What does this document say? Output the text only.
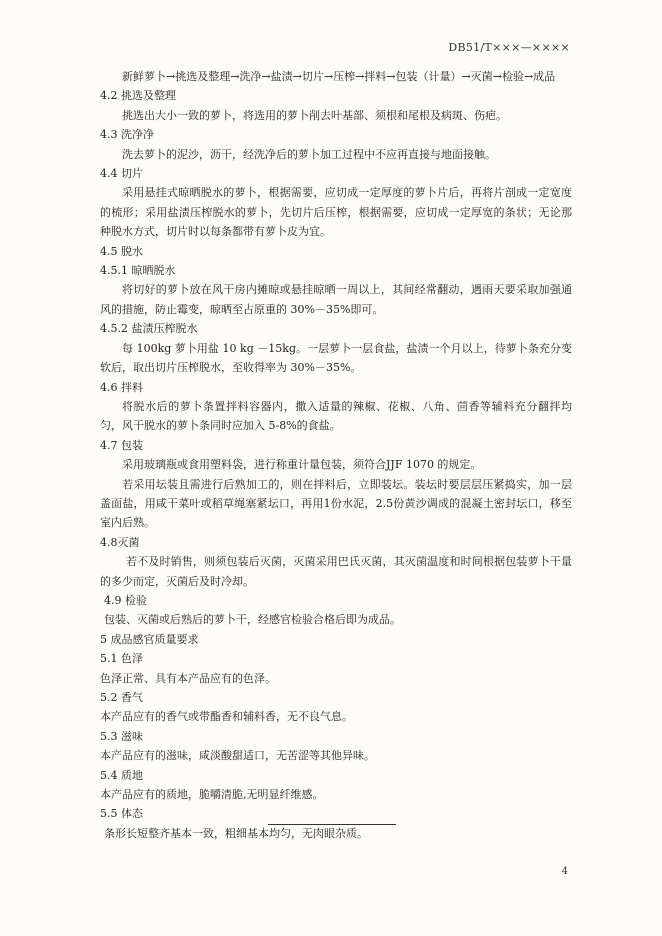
DB51/T×××—××××

新鲜萝卜→挑选及整理→洗净→盐渍→切片→压榨→拌料→包装（计量）→灭菌→检验→成品

4.2 挑选及整理

挑选出大小一致的萝卜，将选用的萝卜削去叶基部、须根和尾根及病斑、伤疤。

4.3 洗净净

洗去萝卜的泥沙，沥干，经洗净后的萝卜加工过程中不应再直接与地面接触。

4.4 切片

采用悬挂式晾晒脱水的萝卜，根据需要，应切成一定厚度的萝卜片后，再将片剖成一定宽度的梳形；采用盐渍压榨脱水的萝卜，先切片后压榨，根据需要，应切成一定厚宽的条状；无论那种脱水方式，切片时以每条都带有萝卜皮为宜。

4.5 脱水

4.5.1 晾晒脱水

将切好的萝卜放在风干房内摊晾或悬挂晾晒一周以上，其间经常翻动，遇雨天要采取加强通风的措施，防止霉变，晾晒至占原重的 30%－35%即可。

4.5.2 盐渍压榨脱水

每 100kg 萝卜用盐 10 kg －15kg。一层萝卜一层食盐，盐渍一个月以上，待萝卜条充分变软后，取出切片压榨脱水，至收得率为 30%－35%。

4.6 拌料

将脱水后的萝卜条置拌料容器内，撒入适量的辣椒、花椒、八角、茴香等辅料充分翻拌均匀，风干脱水的萝卜条同时应加入 5-8%的食盐。

4.7 包装

采用玻璃瓶或食用塑料袋，进行称重计量包装，须符合JJF 1070 的规定。

若采用坛装且需进行后熟加工的，则在拌料后，立即装坛。装坛时要层层压紧捣实，加一层盖面盐，用咸干菜叶或稻草绳塞紧坛口，再用1份水泥，2.5份黄沙调成的混凝土密封坛口，移至室内后熟。

4.8灭菌

若不及时销售，则须包装后灭菌，灭菌采用巴氏灭菌，其灭菌温度和时间根据包装萝卜干量的多少而定，灭菌后及时冷却。

4.9 检验

包装、灭菌或后熟后的萝卜干，经感官检验合格后即为成品。

5 成品感官质量要求

5.1 色泽

色泽正常、具有本产品应有的色泽。

5.2 香气

本产品应有的香气或带酯香和辅料香，无不良气息。

5.3 滋味

本产品应有的滋味，咸淡酸甜适口，无苦涩等其他异味。

5.4 质地

本产品应有的质地，脆嚼清脆,无明显纤维感。

5.5 体态

条形长短整齐基本一致，粗细基本均匀，无肉眼杂质。

4
